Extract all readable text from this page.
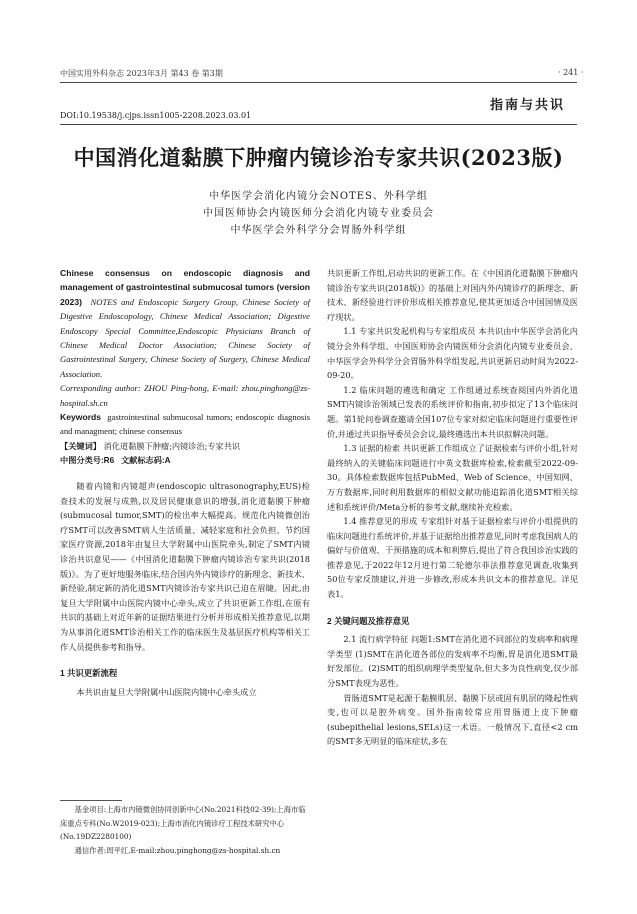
中国实用外科杂志 2023年3月 第43 卷 第3期	· 241 ·
指南与共识
DOI:10.19538/j.cjps.issn1005-2208.2023.03.01
中国消化道黏膜下肿瘤内镜诊治专家共识(2023版)
中华医学会消化内镜分会NOTES、外科学组
中国医师协会内镜医师分会消化内镜专业委员会
中华医学会外科学分会胃肠外科学组

Chinese consensus on endoscopic diagnosis and management of gastrointestinal submucosal tumors (version 2023) NOTES and Endoscopic Surgery Group, Chinese Society of Digestive Endoscopology, Chinese Medical Association; Digestive Endoscopy Special Committee,Endoscopic Physicians Branch of Chinese Medical Doctor Association; Chinese Society of Gastrointestinal Surgery, Chinese Society of Surgery, Chinese Medical Association.

Corresponding author: ZHOU Ping-hong, E-mail: zhou.pinghong@zs-hospital.sh.cn

Keywords gastrointestinal submucosal tumors; endoscopic diagnosis and managment; chinese consensus

【关键词】 消化道黏膜下肿瘤;内镜诊治;专家共识
中图分类号:R6 文献标志码:A

随着内镜和内镜超声(endoscopic ultrasonography,EUS)检查技术的发展与成熟,以及居民健康意识的增强,消化道黏膜下肿瘤(submucosal tumor,SMT)的检出率大幅提高。规范化内镜微创治疗SMT可以改善SMT病人生活质量、减轻家庭和社会负担、节约国家医疗资源,2018年由复旦大学附属中山医院牵头,制定了SMT内镜诊治共识意见——《中国消化道黏膜下肿瘤内镜诊治专家共识(2018版)》。为了更好地服务临床,结合国内外内镜诊疗的新理念、新技术、新经验,制定新的消化道SMT内镜诊治专家共识已迫在眉睫。因此,由复旦大学附属中山医院内镜中心牵头,成立了共识更新工作组,在原有共识的基础上对近年新的证据结果进行分析并形成相关推荐意见,以期为从事消化道SMT诊治相关工作的临床医生及基层医疗机构等相关工作人员提供参考和指导。

1 共识更新流程

本共识由复旦大学附属中山医院内镜中心牵头成立

共识更新工作组,启动共识的更新工作。在《中国消化道黏膜下肿瘤内镜诊治专家共识(2018版)》的基础上对国内外内镜诊疗的新理念、新技术、新经验进行评价形成相关推荐意见,使其更加适合中国国情及医疗现状。

1.1 专家共识发起机构与专家组成员 本共识由中华医学会消化内镜分会外科学组、中国医师协会内镜医师分会消化内镜专业委员会、中华医学会外科学分会胃肠外科学组发起,共识更新启动时间为2022-09-20。

1.2 临床问题的遴选和确定 工作组通过系统查阅国内外消化道SMT内镜诊治领域已发表的系统评价和指南,初步拟定了13个临床问题。第1轮问卷调查邀请全国107位专家对拟定临床问题进行重要性评价,并通过共识指导委员会会议,最终遴选出本共识拟解决问题。

1.3 证据的检索 共识更新工作组成立了证据检索与评价小组,针对最终纳入的关键临床问题进行中英文数据库检索,检索截至2022-09-30。具体检索数据库包括PubMed、Web of Science、中国知网、万方数据库,同时利用数据库的相似文献功能追踪消化道SMT相关综述和系统评价/Meta分析的参考文献,继续补充检索。

1.4 推荐意见的形成 专家组针对基于证据检索与评价小组提供的临床问题进行系统评价,并基于证据给出推荐意见,同时考虑我国病人的偏好与价值观、干预措施的成本和利弊后,提出了符合我国诊治实践的推荐意见,于2022年12月进行第二轮德尔菲法推荐意见调查,收集到50位专家反馈建议,并进一步修改,形成本共识文本的推荐意见。详见表1。

2 关键问题及推荐意见

2.1 流行病学特征 问题1:SMT在消化道不同部位的发病率和病理学类型 (1)SMT在消化道各部位的发病率不均衡,胃是消化道SMT最好发部位。(2)SMT的组织病理学类型复杂,但大多为良性病变,仅少部分SMT表现为恶性。

胃肠道SMT是起源于黏膜肌层、黏膜下层或固有肌层的隆起性病变,也可以是腔外病变。国外指南较常应用胃肠道上皮下肿瘤(subepithelial lesions,SELs)这一术语。一般情况下,直径<2 cm的SMT多无明显的临床症状,多在

基金项目:上海市内镜微创协同创新中心(No.2021科技02-39);上海市临床重点专科(No.W2019-023);上海市消化内镜诊疗工程技术研究中心(No.19DZ2280100)

通信作者:周平红,E-mail:zhou.pinghong@zs-hospital.sh.cn
